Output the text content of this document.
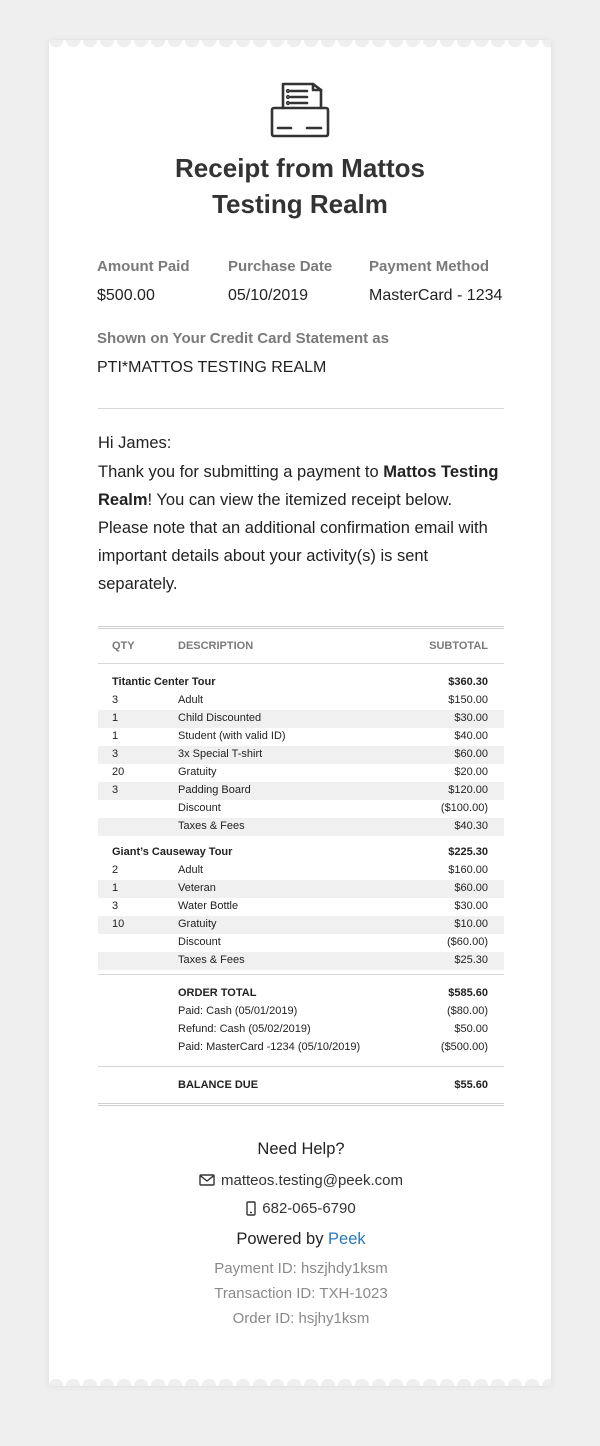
Receipt from Mattos
Testing Realm
Amount Paid
$500.00
Purchase Date
05/10/2019
Payment Method
MasterCard - 1234
Shown on Your Credit Card Statement as
PTI*MATTOS TESTING REALM
Hi James:
Thank you for submitting a payment to Mattos Testing Realm! You can view the itemized receipt below. Please note that an additional confirmation email with important details about your activity(s) is sent separately.
QTY	DESCRIPTION	SUBTOTAL
Titantic Center Tour	$360.30
3	Adult	$150.00
1	Child Discounted	$30.00
1	Student (with valid ID)	$40.00
3	3x Special T-shirt	$60.00
20	Gratuity	$20.00
3	Padding Board	$120.00
Discount	($100.00)
Taxes & Fees	$40.30
Giant’s Causeway Tour	$225.30
2	Adult	$160.00
1	Veteran	$60.00
3	Water Bottle	$30.00
10	Gratuity	$10.00
Discount	($60.00)
Taxes & Fees	$25.30
ORDER TOTAL	$585.60
Paid: Cash (05/01/2019)	($80.00)
Refund: Cash (05/02/2019)	$50.00
Paid: MasterCard -1234 (05/10/2019)	($500.00)
BALANCE DUE	$55.60
Need Help?
matteos.testing@peek.com
682-065-6790
Powered by Peek
Payment ID: hszjhdy1ksm
Transaction ID: TXH-1023
Order ID: hsjhy1ksm
